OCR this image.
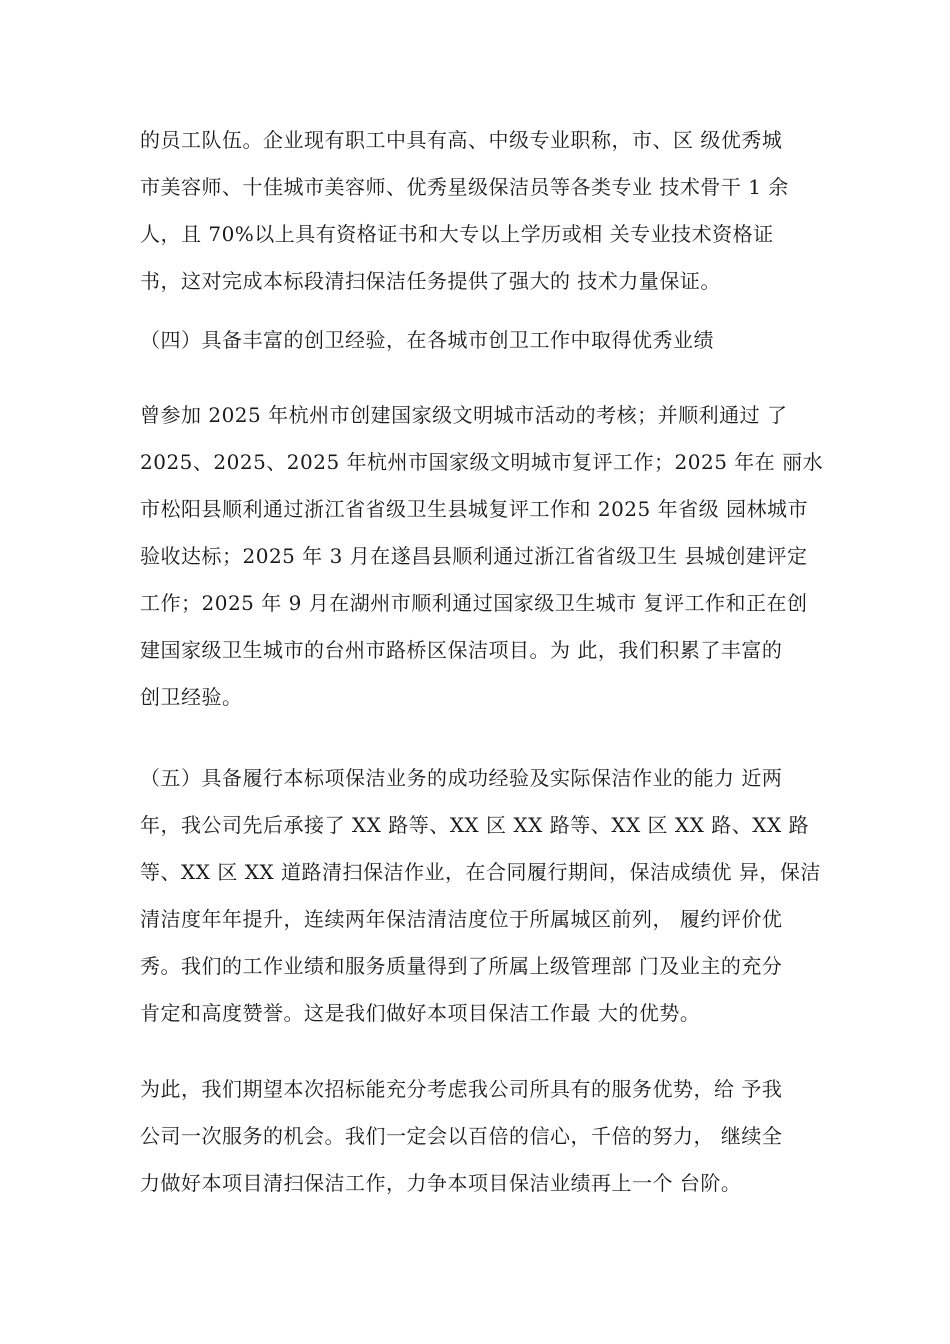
的员工队伍。企业现有职工中具有高、中级专业职称，市、区 级优秀城
市美容师、十佳城市美容师、优秀星级保洁员等各类专业 技术骨干 1 余
人，且 70%以上具有资格证书和大专以上学历或相 关专业技术资格证
书，这对完成本标段清扫保洁任务提供了强大的 技术力量保证。
（四）具备丰富的创卫经验，在各城市创卫工作中取得优秀业绩
曾参加 2025 年杭州市创建国家级文明城市活动的考核；并顺利通过 了
2025、2025、2025 年杭州市国家级文明城市复评工作；2025 年在 丽水
市松阳县顺利通过浙江省省级卫生县城复评工作和 2025 年省级 园林城市
验收达标；2025 年 3 月在遂昌县顺利通过浙江省省级卫生 县城创建评定
工作；2025 年 9 月在湖州市顺利通过国家级卫生城市 复评工作和正在创
建国家级卫生城市的台州市路桥区保洁项目。为 此，我们积累了丰富的
创卫经验。
（五）具备履行本标项保洁业务的成功经验及实际保洁作业的能力 近两
年，我公司先后承接了 XX 路等、XX 区 XX 路等、XX 区 XX 路、XX 路
等、XX 区 XX 道路清扫保洁作业，在合同履行期间，保洁成绩优 异，保洁
清洁度年年提升，连续两年保洁清洁度位于所属城区前列， 履约评价优
秀。我们的工作业绩和服务质量得到了所属上级管理部 门及业主的充分
肯定和高度赞誉。这是我们做好本项目保洁工作最 大的优势。
为此，我们期望本次招标能充分考虑我公司所具有的服务优势，给 予我
公司一次服务的机会。我们一定会以百倍的信心，千倍的努力， 继续全
力做好本项目清扫保洁工作，力争本项目保洁业绩再上一个 台阶。
